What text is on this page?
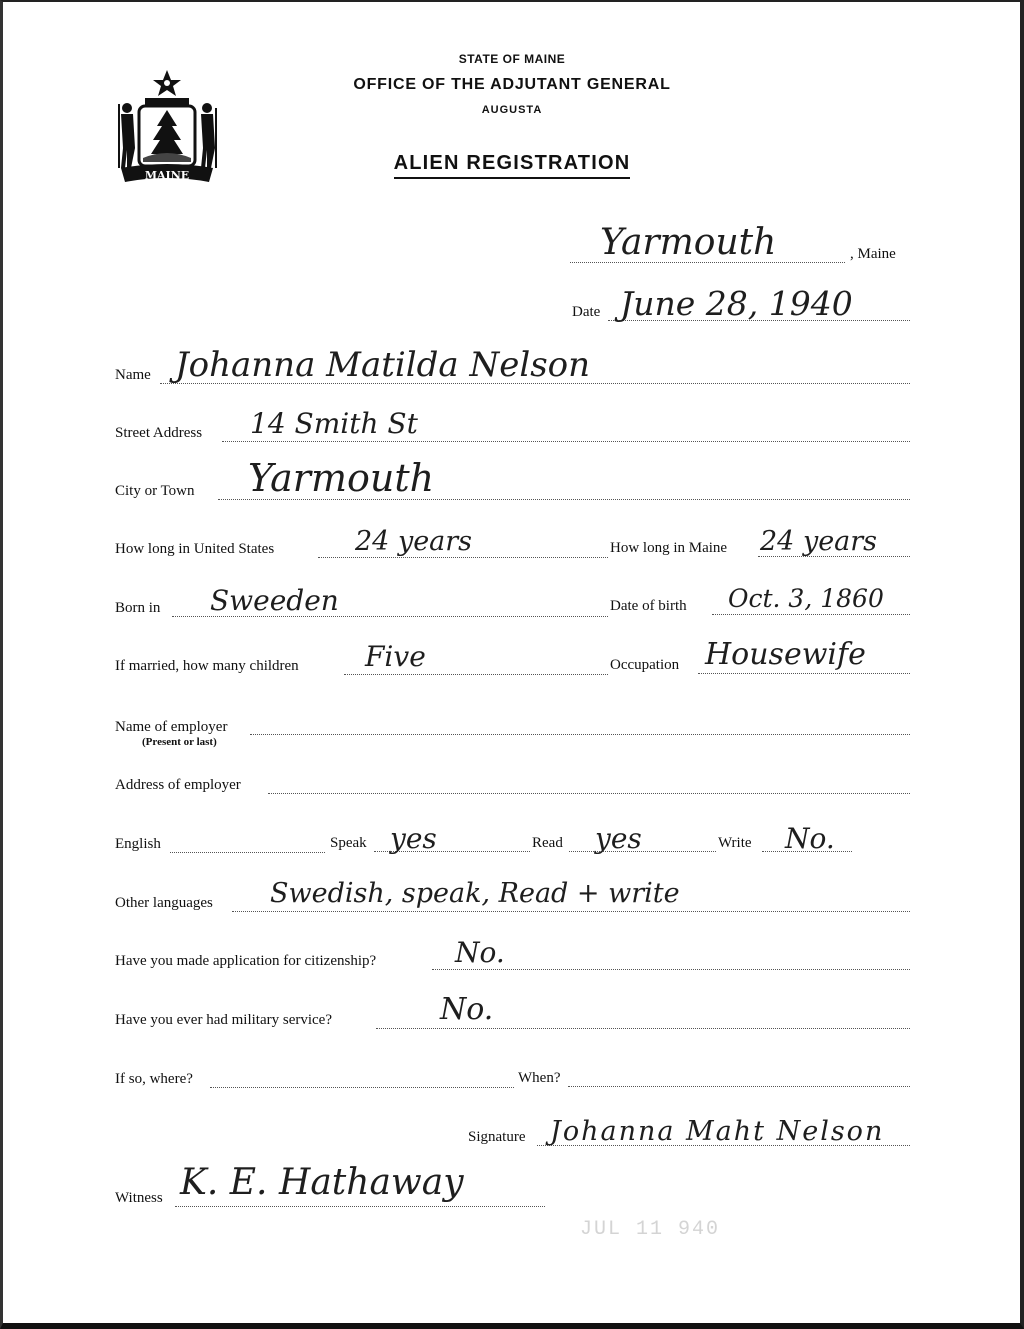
MAINE
STATE OF MAINE
OFFICE OF THE ADJUTANT GENERAL
AUGUSTA
ALIEN REGISTRATION
Yarmouth	, Maine
Date June 28, 1940
Name Johanna Matilda Nelson
Street Address 14 Smith St
City or Town Yarmouth
How long in United States	24 years	How long in Maine 24 years
Born in Sweeden	Date of birth Oct. 3, 1860
If married, how many children Five	Occupation Housewife
Name of employer
(Present or last)
Address of employer
English	Speak yes	Read yes	Write No.
Other languages Swedish, speak, Read + write
Have you made application for citizenship?	No.
Have you ever had military service?	No.
If so, where?	When?
Signature Johanna Maht Nelson
Witness K. E. Hathaway
JUL 11 940
